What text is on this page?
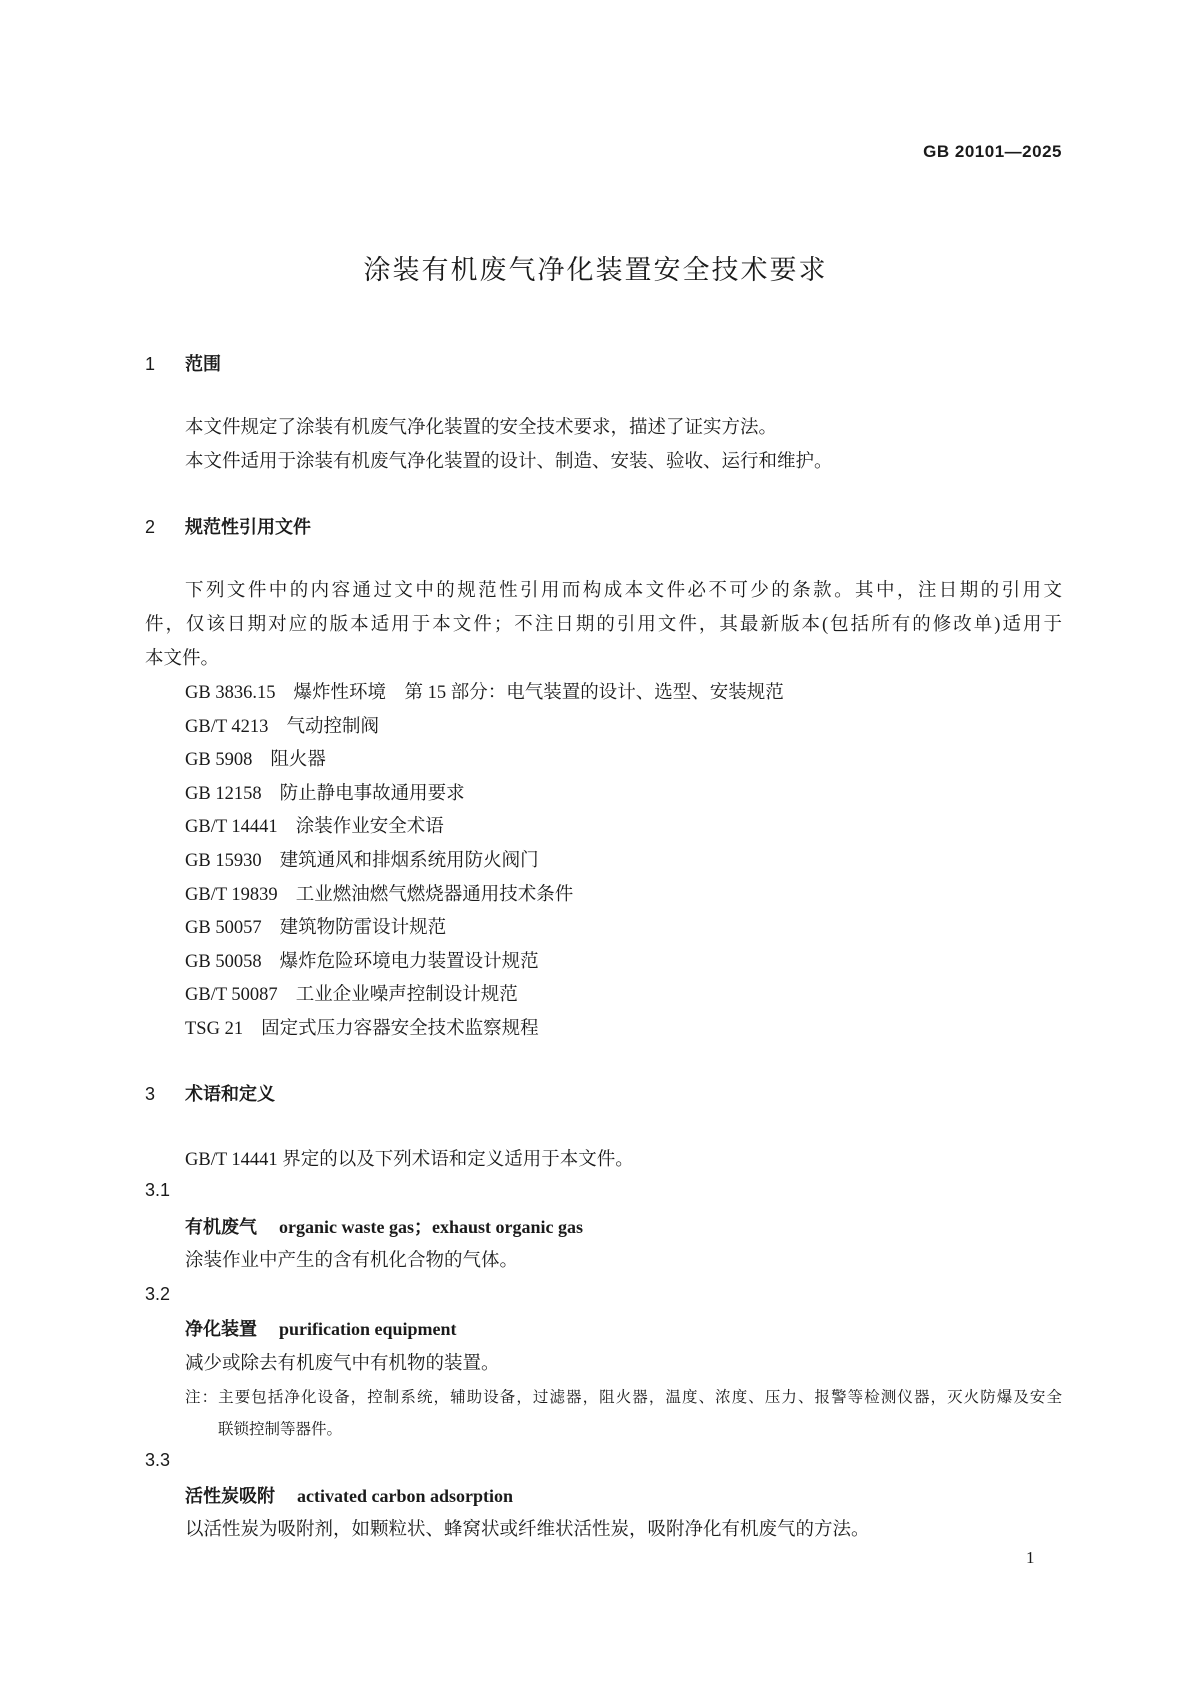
GB 20101—2025
涂装有机废气净化装置安全技术要求
1 范围
本文件规定了涂装有机废气净化装置的安全技术要求，描述了证实方法。
本文件适用于涂装有机废气净化装置的设计、制造、安装、验收、运行和维护。
2 规范性引用文件
下列文件中的内容通过文中的规范性引用而构成本文件必不可少的条款。其中，注日期的引用文
件，仅该日期对应的版本适用于本文件；不注日期的引用文件，其最新版本(包括所有的修改单)适用于
本文件。
GB 3836.15 爆炸性环境　第 15 部分：电气装置的设计、选型、安装规范
GB/T 4213 气动控制阀
GB 5908 阻火器
GB 12158 防止静电事故通用要求
GB/T 14441 涂装作业安全术语
GB 15930 建筑通风和排烟系统用防火阀门
GB/T 19839 工业燃油燃气燃烧器通用技术条件
GB 50057 建筑物防雷设计规范
GB 50058 爆炸危险环境电力装置设计规范
GB/T 50087 工业企业噪声控制设计规范
TSG 21 固定式压力容器安全技术监察规程
3 术语和定义
GB/T 14441 界定的以及下列术语和定义适用于本文件。
3.1
有机废气 organic waste gas；exhaust organic gas
涂装作业中产生的含有机化合物的气体。
3.2
净化装置 purification equipment
减少或除去有机废气中有机物的装置。
注：主要包括净化设备，控制系统，辅助设备，过滤器，阻火器，温度、浓度、压力、报警等检测仪器，灭火防爆及安全
联锁控制等器件。
3.3
活性炭吸附 activated carbon adsorption
以活性炭为吸附剂，如颗粒状、蜂窝状或纤维状活性炭，吸附净化有机废气的方法。
1
